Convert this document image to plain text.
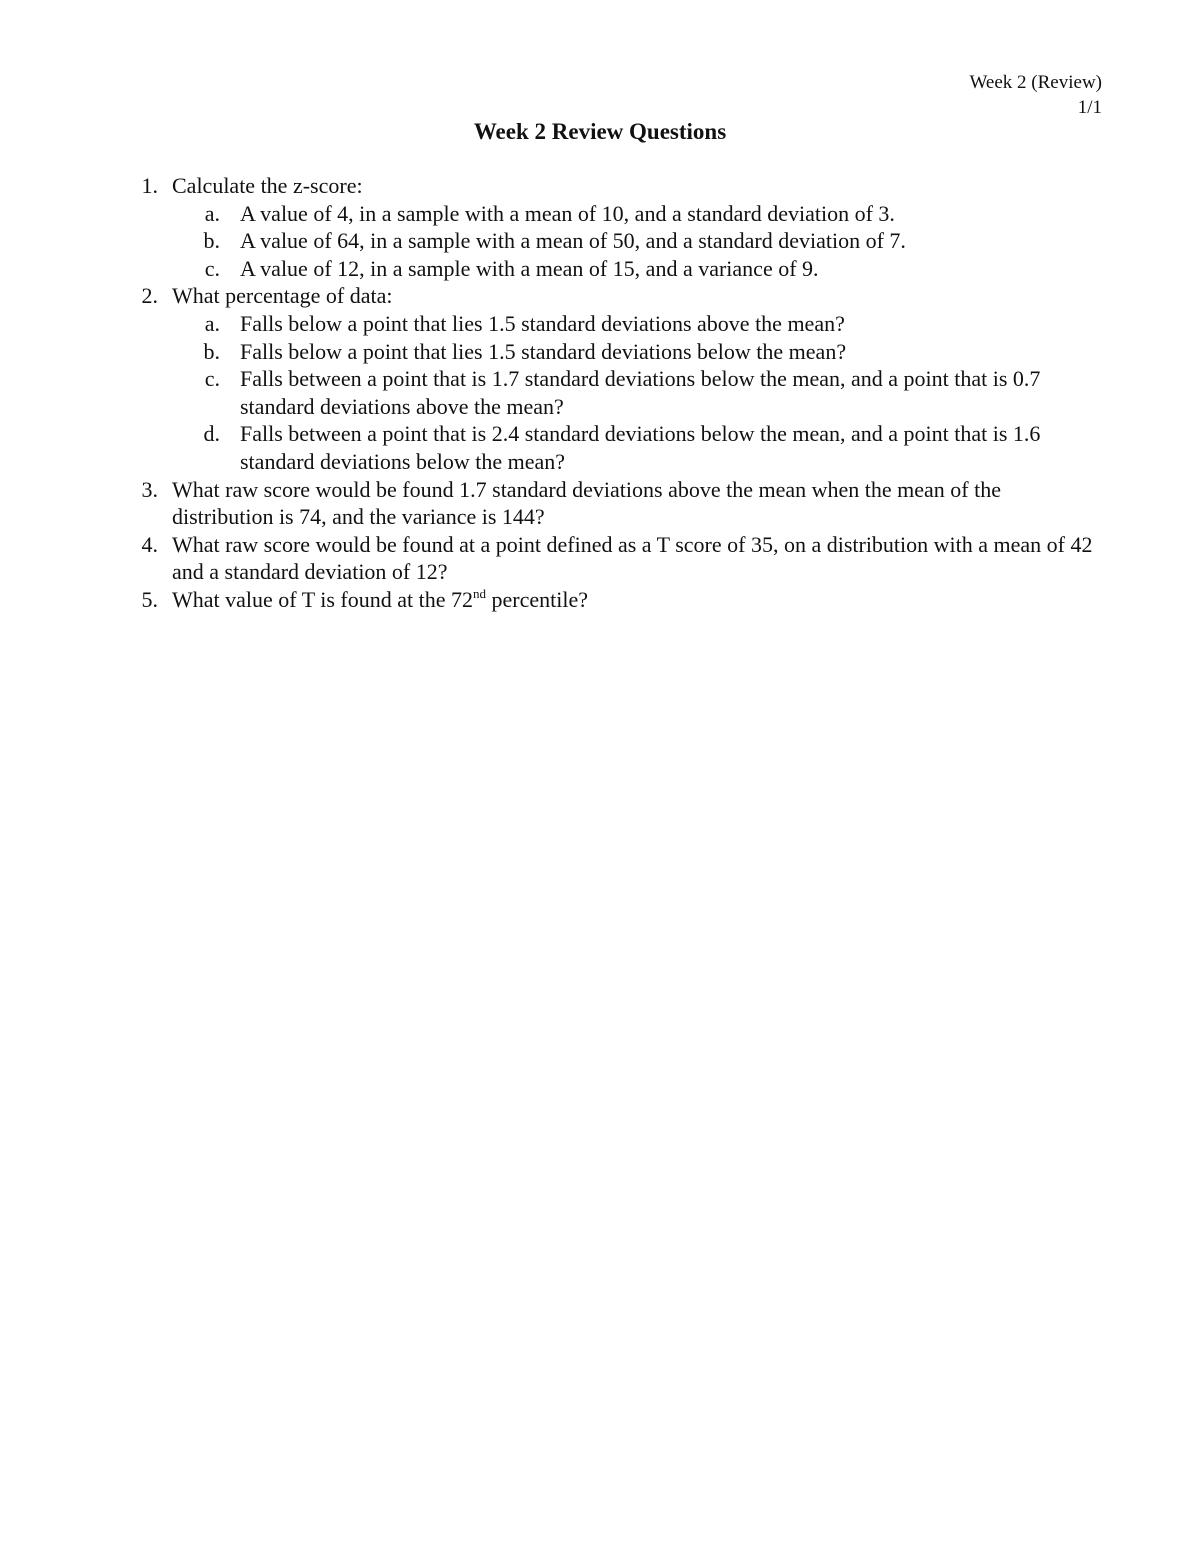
Week 2 (Review)
1/1
Week 2 Review Questions
1. Calculate the z-score:
a. A value of 4, in a sample with a mean of 10, and a standard deviation of 3.
b. A value of 64, in a sample with a mean of 50, and a standard deviation of 7.
c. A value of 12, in a sample with a mean of 15, and a variance of 9.
2. What percentage of data:
a. Falls below a point that lies 1.5 standard deviations above the mean?
b. Falls below a point that lies 1.5 standard deviations below the mean?
c. Falls between a point that is 1.7 standard deviations below the mean, and a point that is 0.7 standard deviations above the mean?
d. Falls between a point that is 2.4 standard deviations below the mean, and a point that is 1.6 standard deviations below the mean?
3. What raw score would be found 1.7 standard deviations above the mean when the mean of the distribution is 74, and the variance is 144?
4. What raw score would be found at a point defined as a T score of 35, on a distribution with a mean of 42 and a standard deviation of 12?
5. What value of T is found at the 72nd percentile?
